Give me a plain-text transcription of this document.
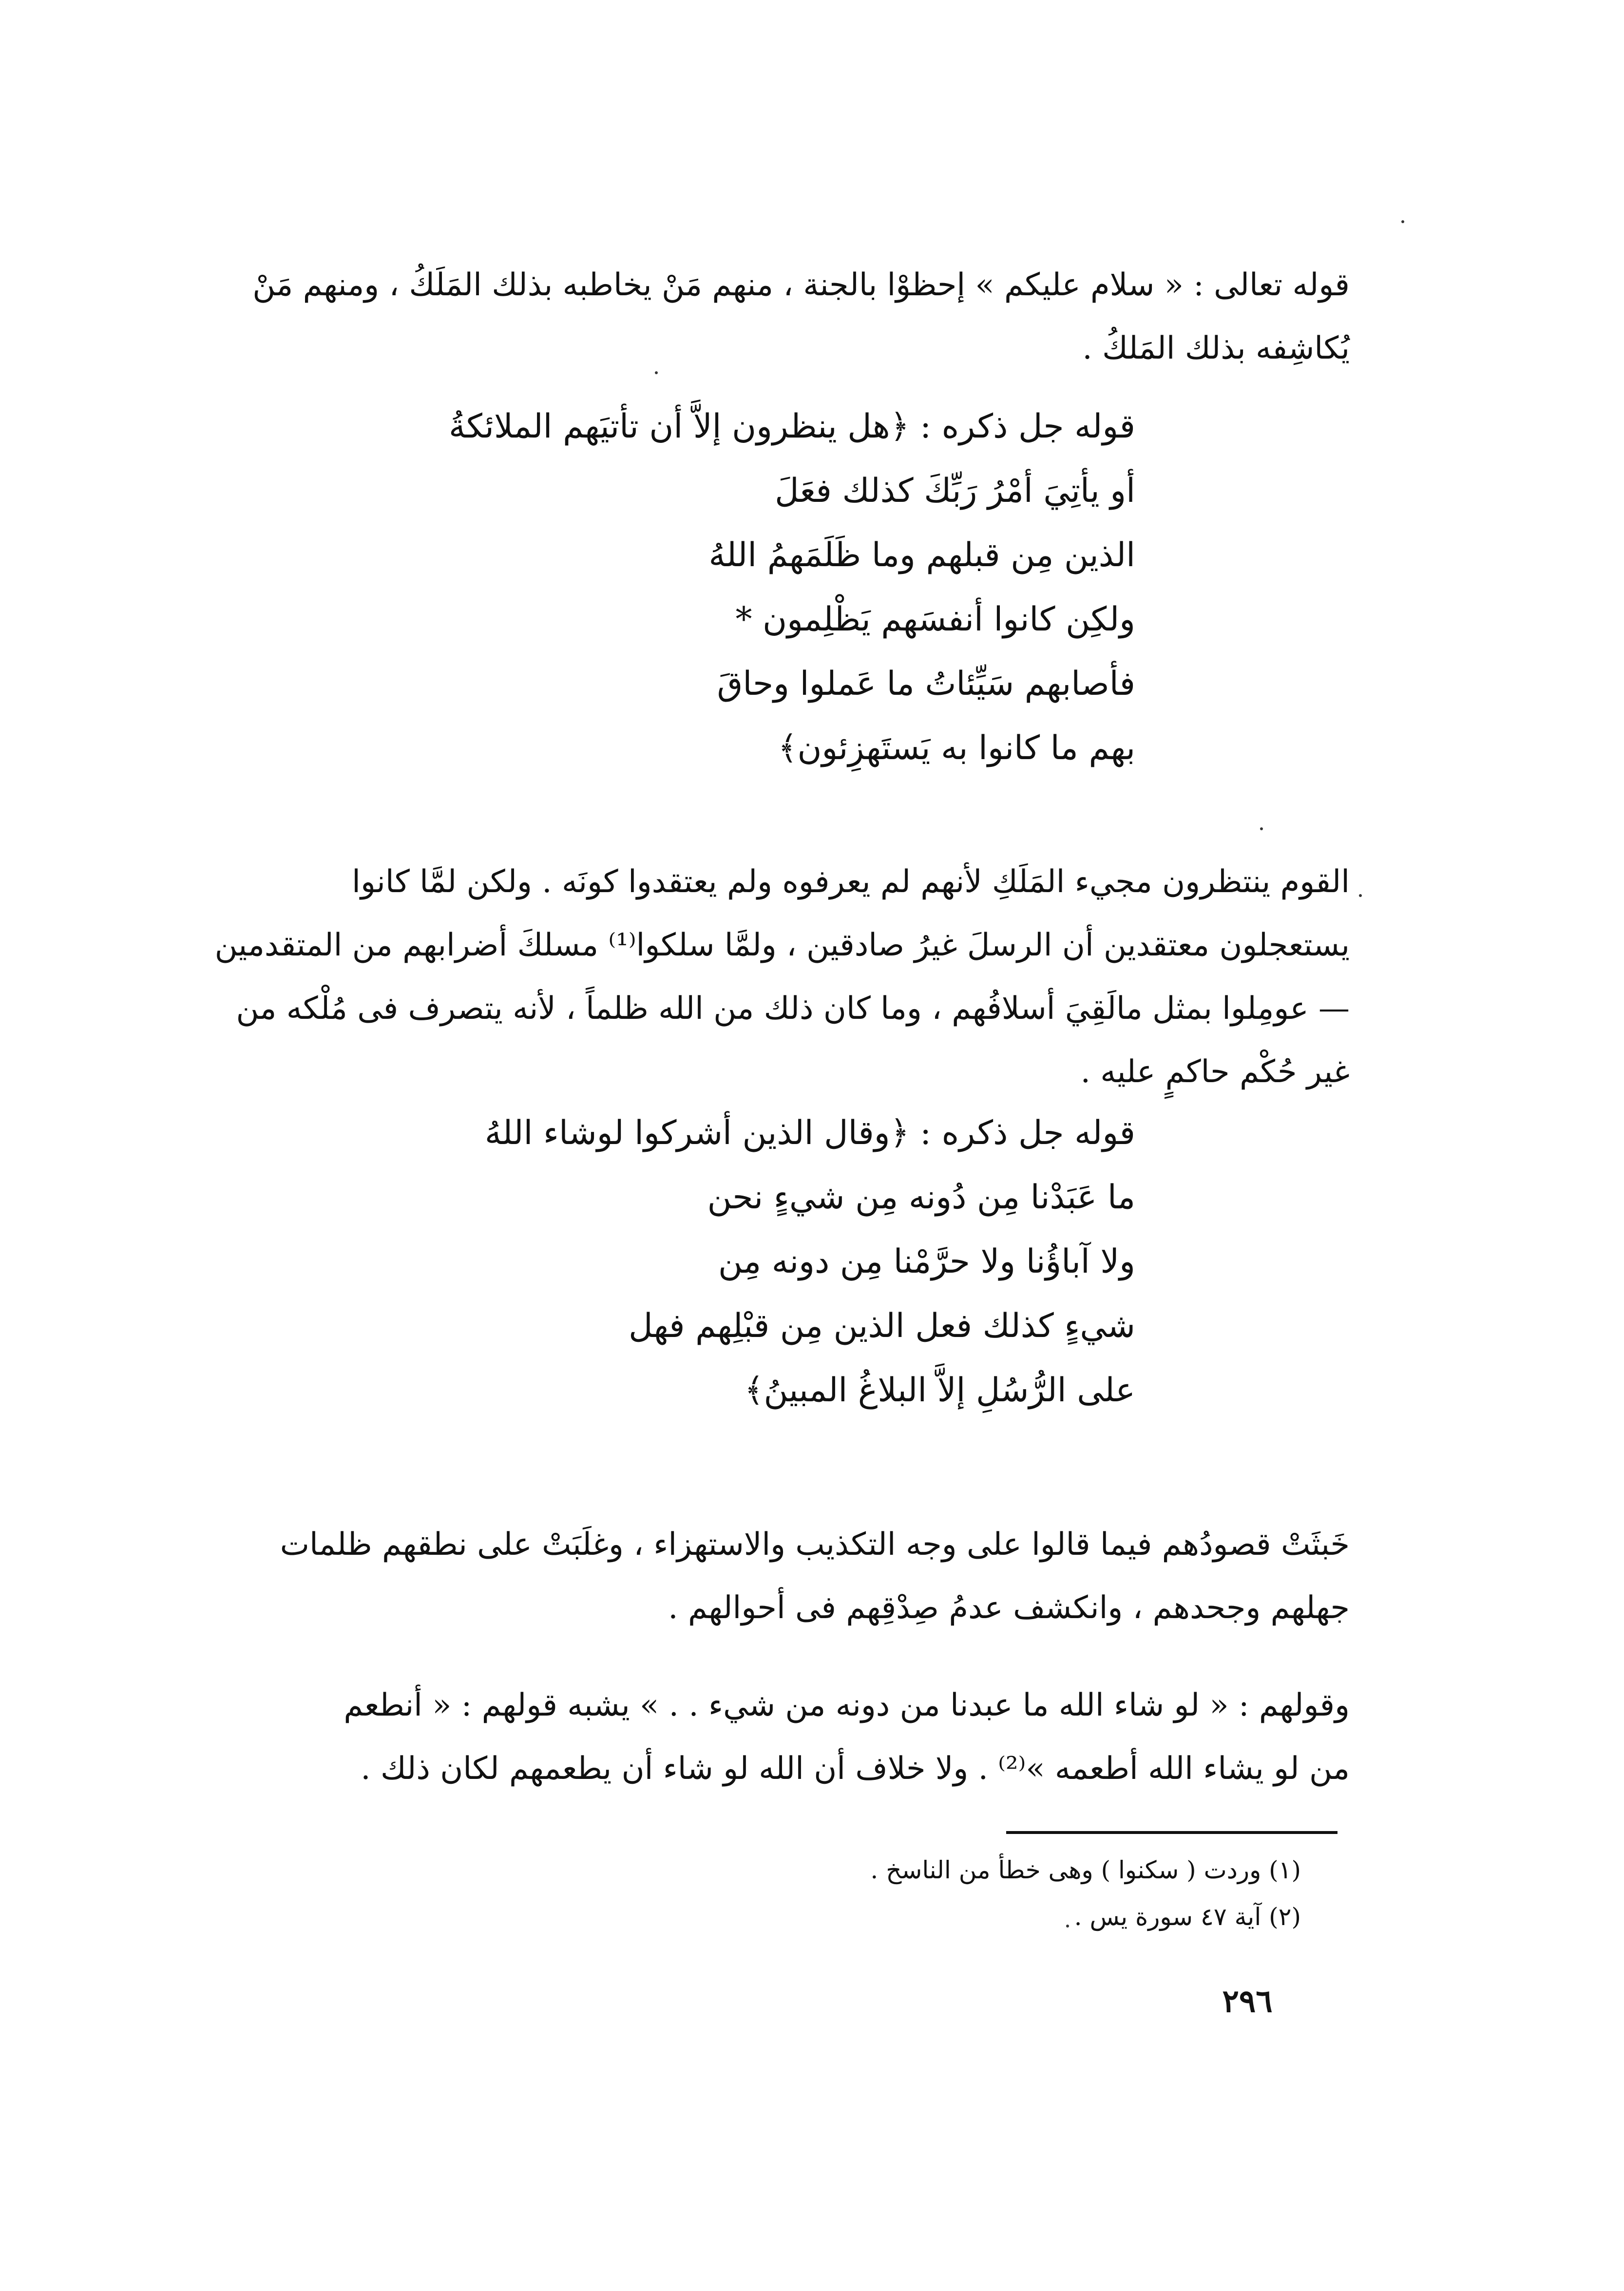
قوله تعالى : « سلام عليكم » إحظوْا بالجنة ، منهم مَنْ يخاطبه بذلك المَلَكُ ، ومنهم مَنْ
يُكاشِفه بذلك المَلكُ .
قوله جل ذكره : ﴿هل ينظرون إلاَّ أن تأتيَهم الملائكةُ
أو يأتِيَ أمْرُ رَبِّكَ كذلك فعَلَ
الذين مِن قبلهم وما ظَلَمَهمُ اللهُ
ولكِن كانوا أنفسَهم يَظْلِمون *
فأصابهم سَيِّئاتُ ما عَملوا وحاقَ
بهم ما كانوا به يَستَهزِئون﴾
القوم ينتظرون مجيء المَلَكِ لأنهم لم يعرفوه ولم يعتقدوا كونَه . ولكن لمَّا كانوا
يستعجلون معتقدين أن الرسلَ غيرُ صادقين ، ولمَّا سلكوا⁽¹⁾ مسلكَ أضرابهم من المتقدمين
— عومِلوا بمثل مالَقِيَ أسلافُهم ، وما كان ذلك من الله ظلماً ، لأنه يتصرف فى مُلْكه من
غير حُكْم حاكمٍ عليه .
قوله جل ذكره : ﴿وقال الذين أشركوا لوشاء اللهُ
ما عَبَدْنا مِن دُونه مِن شيءٍ نحن
ولا آباؤُنا ولا حرَّمْنا مِن دونه مِن
شيءٍ كذلك فعل الذين مِن قبْلِهم فهل
على الرُّسُلِ إلاَّ البلاغُ المبينُ﴾
خَبثَتْ قصودُهم فيما قالوا على وجه التكذيب والاستهزاء ، وغلَبَتْ على نطقهم ظلمات
جهلهم وجحدهم ، وانكشف عدمُ صِدْقِهم فى أحوالهم .
وقولهم : « لو شاء الله ما عبدنا من دونه من شيء . . » يشبه قولهم : « أنطعم
من لو يشاء الله أطعمه »⁽²⁾ . ولا خلاف أن الله لو شاء أن يطعمهم لكان ذلك .
(١) وردت ( سكنوا ) وهى خطأ من الناسخ .
(٢) آية ٤٧ سورة يس .
٢٩٦
